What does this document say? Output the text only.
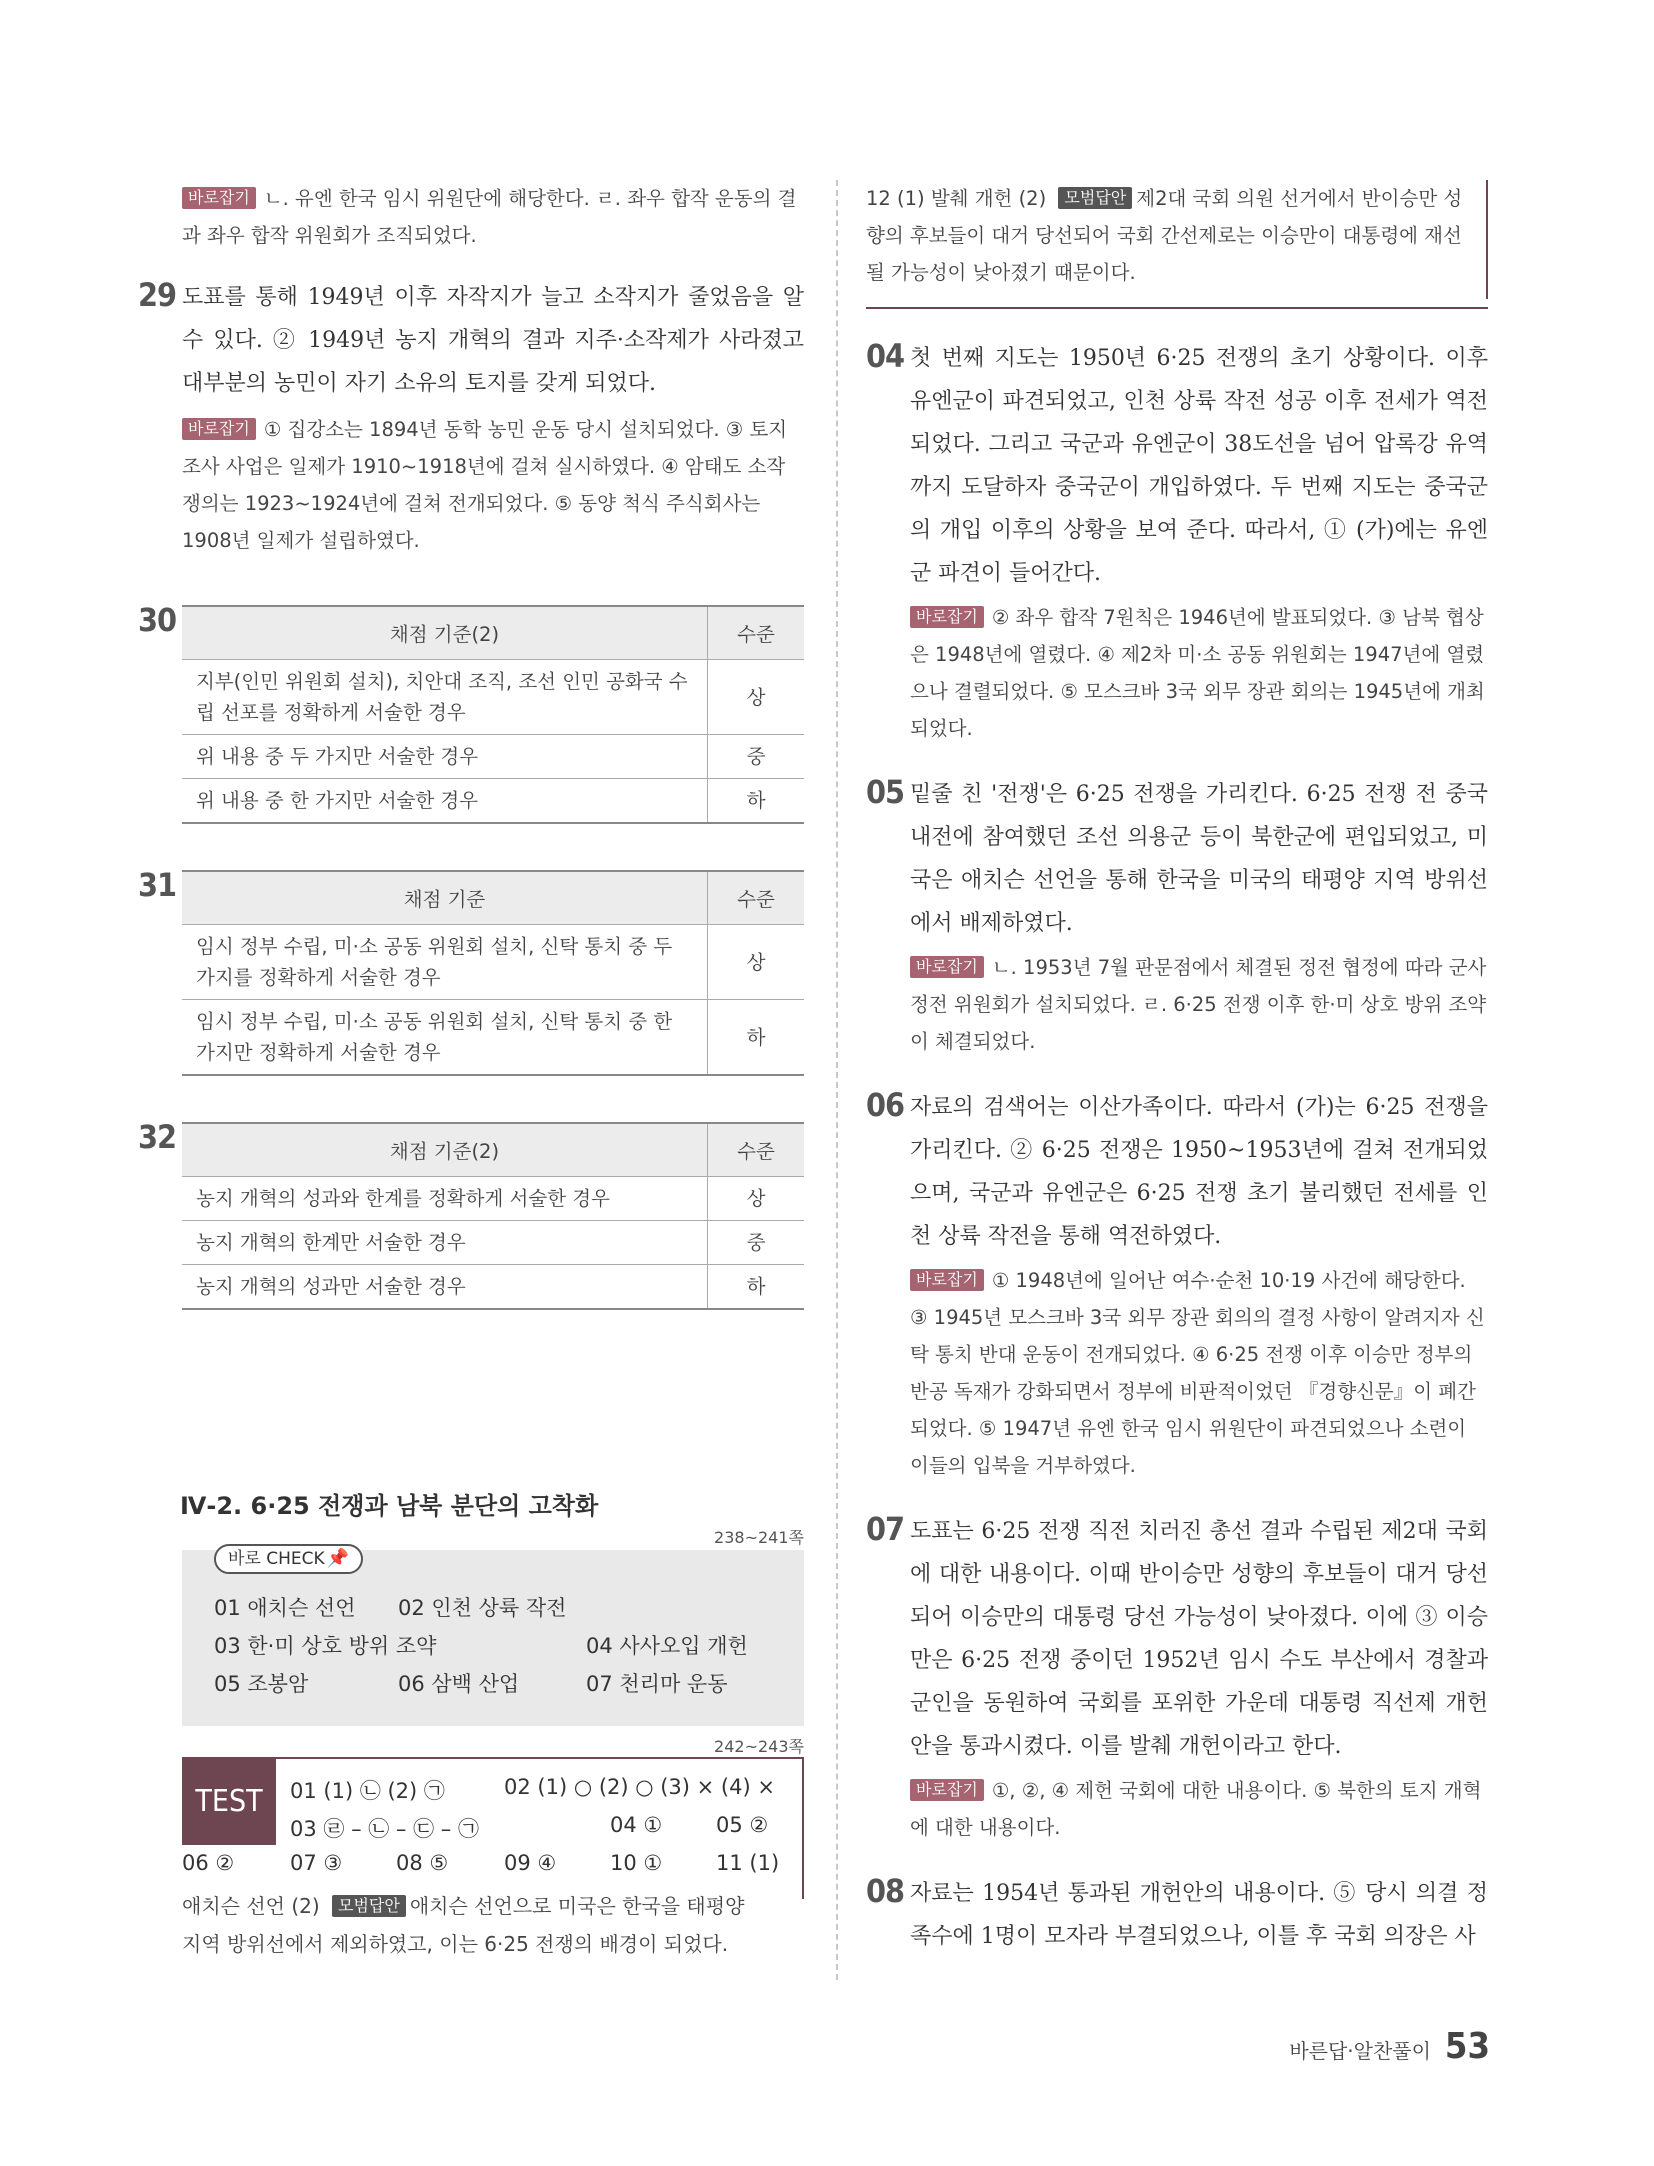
바로잡기 ㄴ. 유엔 한국 임시 위원단에 해당한다. ㄹ. 좌우 합작 운동의 결과 좌우 합작 위원회가 조직되었다.
29 도표를 통해 1949년 이후 자작지가 늘고 소작지가 줄었음을 알 수 있다. ② 1949년 농지 개혁의 결과 지주·소작제가 사라졌고 대부분의 농민이 자기 소유의 토지를 갖게 되었다.
바로잡기 ① 집강소는 1894년 동학 농민 운동 당시 설치되었다. ③ 토지 조사 사업은 일제가 1910~1918년에 걸쳐 실시하였다. ④ 암태도 소작 쟁의는 1923~1924년에 걸쳐 전개되었다. ⑤ 동양 척식 주식회사는 1908년 일제가 설립하였다.
30	채점 기준(2)	수준
지부(인민 위원회 설치), 치안대 조직, 조선 인민 공화국 수립 선포를 정확하게 서술한 경우	상
위 내용 중 두 가지만 서술한 경우	중
위 내용 중 한 가지만 서술한 경우	하
31	채점 기준	수준
임시 정부 수립, 미·소 공동 위원회 설치, 신탁 통치 중 두 가지를 정확하게 서술한 경우	상
임시 정부 수립, 미·소 공동 위원회 설치, 신탁 통치 중 한 가지만 정확하게 서술한 경우	하
32	채점 기준(2)	수준
농지 개혁의 성과와 한계를 정확하게 서술한 경우	상
농지 개혁의 한계만 서술한 경우	중
농지 개혁의 성과만 서술한 경우	하
Ⅳ-2. 6·25 전쟁과 남북 분단의 고착화
238~241쪽
바로 CHECK 📌
01 애치슨 선언 02 인천 상륙 작전
03 한·미 상호 방위 조약	04 사사오입 개헌
05 조봉암	06 삼백 산업	07 천리마 운동
242~243쪽
TEST	01 (1) ㉡ (2) ㉠	02 (1) ○ (2) ○ (3) × (4) ×
03 ㉣ – ㉡ – ㉢ – ㉠	04 ①	05 ②
06 ②	07 ③	08 ⑤	09 ④	10 ①	11 (1)
애치슨 선언 (2) 모범답안 애치슨 선언으로 미국은 한국을 태평양
지역 방위선에서 제외하였고, 이는 6·25 전쟁의 배경이 되었다.
12 (1) 발췌 개헌 (2) 모범답안 제2대 국회 의원 선거에서 반이승만 성향의 후보들이 대거 당선되어 국회 간선제로는 이승만이 대통령에 재선될 가능성이 낮아졌기 때문이다.
04 첫 번째 지도는 1950년 6·25 전쟁의 초기 상황이다. 이후 유엔군이 파견되었고, 인천 상륙 작전 성공 이후 전세가 역전되었다. 그리고 국군과 유엔군이 38도선을 넘어 압록강 유역까지 도달하자 중국군이 개입하였다. 두 번째 지도는 중국군의 개입 이후의 상황을 보여 준다. 따라서, ① (가)에는 유엔군 파견이 들어간다.
바로잡기 ② 좌우 합작 7원칙은 1946년에 발표되었다. ③ 남북 협상은 1948년에 열렸다. ④ 제2차 미·소 공동 위원회는 1947년에 열렸으나 결렬되었다. ⑤ 모스크바 3국 외무 장관 회의는 1945년에 개최되었다.
05 밑줄 친 '전쟁'은 6·25 전쟁을 가리킨다. 6·25 전쟁 전 중국 내전에 참여했던 조선 의용군 등이 북한군에 편입되었고, 미국은 애치슨 선언을 통해 한국을 미국의 태평양 지역 방위선에서 배제하였다.
바로잡기 ㄴ. 1953년 7월 판문점에서 체결된 정전 협정에 따라 군사 정전 위원회가 설치되었다. ㄹ. 6·25 전쟁 이후 한·미 상호 방위 조약이 체결되었다.
06 자료의 검색어는 이산가족이다. 따라서 (가)는 6·25 전쟁을 가리킨다. ② 6·25 전쟁은 1950~1953년에 걸쳐 전개되었으며, 국군과 유엔군은 6·25 전쟁 초기 불리했던 전세를 인천 상륙 작전을 통해 역전하였다.
바로잡기 ① 1948년에 일어난 여수·순천 10·19 사건에 해당한다. ③ 1945년 모스크바 3국 외무 장관 회의의 결정 사항이 알려지자 신탁 통치 반대 운동이 전개되었다. ④ 6·25 전쟁 이후 이승만 정부의 반공 독재가 강화되면서 정부에 비판적이었던 『경향신문』이 폐간되었다. ⑤ 1947년 유엔 한국 임시 위원단이 파견되었으나 소련이 이들의 입북을 거부하였다.
07 도표는 6·25 전쟁 직전 치러진 총선 결과 수립된 제2대 국회에 대한 내용이다. 이때 반이승만 성향의 후보들이 대거 당선되어 이승만의 대통령 당선 가능성이 낮아졌다. 이에 ③ 이승만은 6·25 전쟁 중이던 1952년 임시 수도 부산에서 경찰과 군인을 동원하여 국회를 포위한 가운데 대통령 직선제 개헌안을 통과시켰다. 이를 발췌 개헌이라고 한다.
바로잡기 ①, ②, ④ 제헌 국회에 대한 내용이다. ⑤ 북한의 토지 개혁에 대한 내용이다.
08 자료는 1954년 통과된 개헌안의 내용이다. ⑤ 당시 의결 정족수에 1명이 모자라 부결되었으나, 이틀 후 국회 의장은 사
바른답·알찬풀이 53
